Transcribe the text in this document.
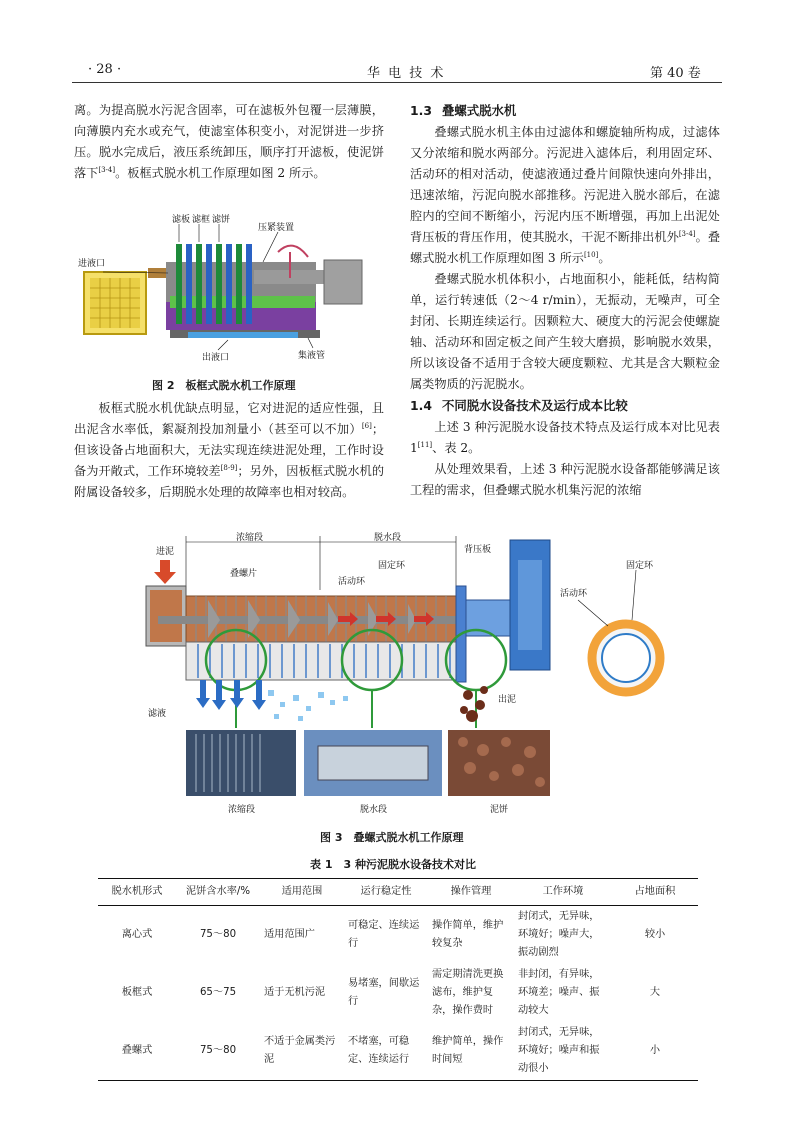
· 28 ·	华 电 技 术	第 40 卷

离。为提高脱水污泥含固率，可在滤板外包覆一层薄膜，向薄膜内充水或充气，使滤室体积变小，对泥饼进一步挤压。脱水完成后，液压系统卸压，顺序打开滤板，使泥饼落下[3-4]。板框式脱水机工作原理如图 2 所示。

滤板 滤框 滤饼
压紧装置
进液口
出液口	集液管
图 2　板框式脱水机工作原理

板框式脱水机优缺点明显，它对进泥的适应性强，且出泥含水率低，絮凝剂投加剂量小（甚至可以不加）[6]；但该设备占地面积大，无法实现连续进泥处理，工作时设备为开敞式，工作环境较差[8-9]；另外，因板框式脱水机的附属设备较多，后期脱水处理的故障率也相对较高。

1.3 叠螺式脱水机

叠螺式脱水机主体由过滤体和螺旋轴所构成，过滤体又分浓缩和脱水两部分。污泥进入滤体后，利用固定环、活动环的相对活动，使滤液通过叠片间隙快速向外排出，迅速浓缩，污泥向脱水部推移。污泥进入脱水部后，在滤腔内的空间不断缩小，污泥内压不断增强，再加上出泥处背压板的背压作用，使其脱水，干泥不断排出机外[3-4]。叠螺式脱水机工作原理如图 3 所示[10]。

叠螺式脱水机体积小，占地面积小，能耗低，结构简单，运行转速低（2～4 r/min），无振动，无噪声，可全封闭、长期连续运行。因颗粒大、硬度大的污泥会使螺旋轴、活动环和固定板之间产生较大磨损，影响脱水效果，所以该设备不适用于含较大硬度颗粒、尤其是含大颗粒金属类物质的污泥脱水。

1.4 不同脱水设备技术及运行成本比较

上述 3 种污泥脱水设备技术特点及运行成本对比见表 1[11]、表 2。

从处理效果看，上述 3 种污泥脱水设备都能够满足该工程的需求，但叠螺式脱水机集污泥的浓缩

进泥
浓缩段	脱水段
背压板
固定环
叠螺片
活动环
固定环
活动环
滤液
出泥
浓缩段	脱水段	泥饼
图 3　叠螺式脱水机工作原理
表 1　3 种污泥脱水设备技术对比
脱水机形式	泥饼含水率/%	适用范围	运行稳定性	操作管理	工作环境	占地面积
离心式	75～80	适用范围广	可稳定、连续运行	操作简单，维护较复杂	封闭式，无异味，环境好；噪声大，振动剧烈	较小
板框式	65～75	适于无机污泥	易堵塞，间歇运行	需定期清洗更换滤布，维护复杂，操作费时	非封闭，有异味，环境差；噪声、振动较大	大
叠螺式	75～80	不适于金属类污泥	不堵塞，可稳定、连续运行	维护简单，操作时间短	封闭式，无异味，环境好；噪声和振动很小	小
